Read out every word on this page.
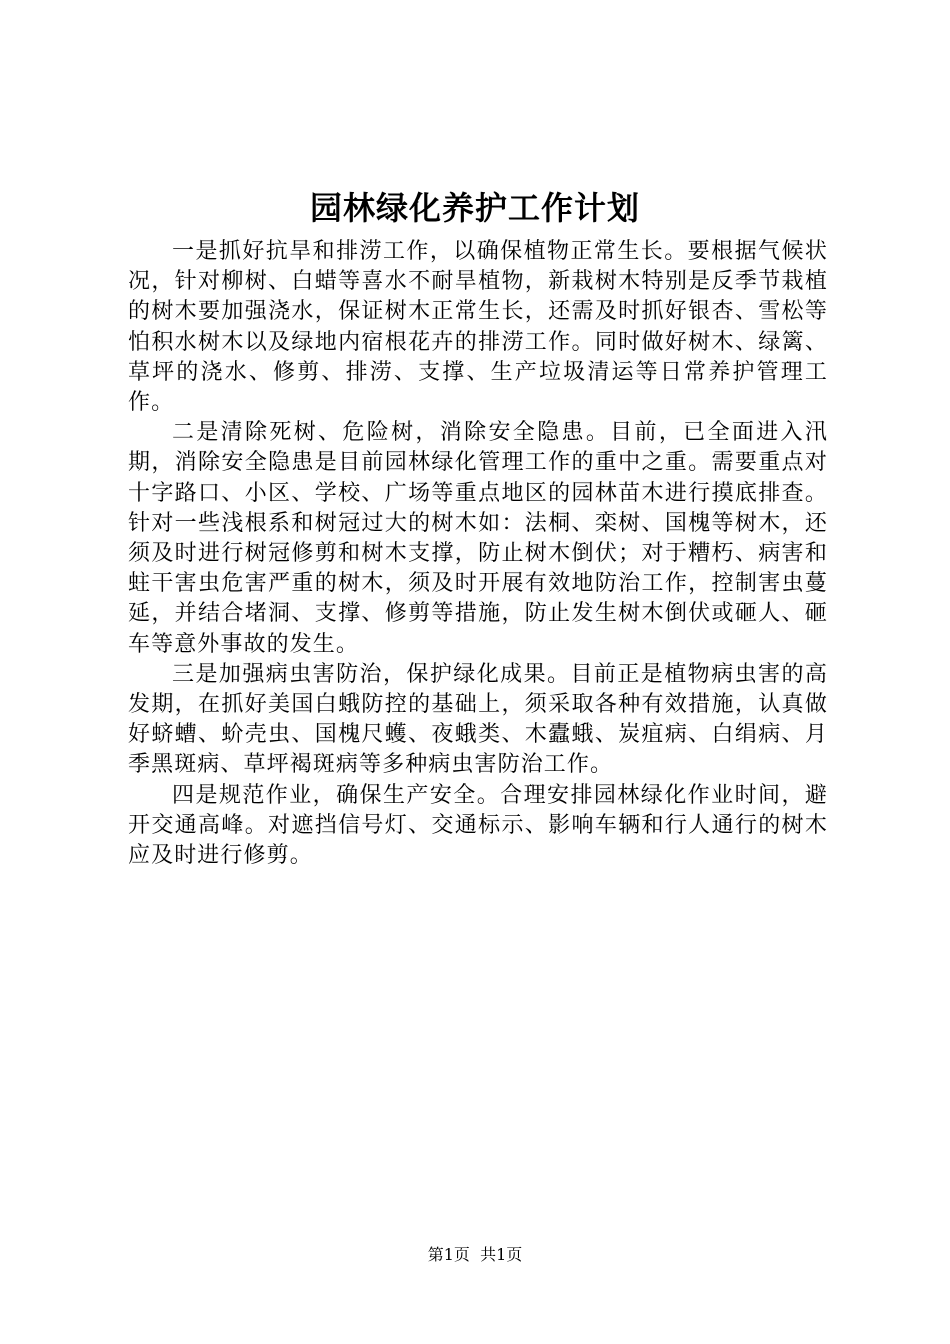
园林绿化养护工作计划

一是抓好抗旱和排涝工作，以确保植物正常生长。要根据气候状况，针对柳树、白蜡等喜水不耐旱植物，新栽树木特别是反季节栽植的树木要加强浇水，保证树木正常生长，还需及时抓好银杏、雪松等怕积水树木以及绿地内宿根花卉的排涝工作。同时做好树木、绿篱、草坪的浇水、修剪、排涝、支撑、生产垃圾清运等日常养护管理工作。

二是清除死树、危险树，消除安全隐患。目前，已全面进入汛期，消除安全隐患是目前园林绿化管理工作的重中之重。需要重点对十字路口、小区、学校、广场等重点地区的园林苗木进行摸底排查。针对一些浅根系和树冠过大的树木如：法桐、栾树、国槐等树木，还须及时进行树冠修剪和树木支撑，防止树木倒伏；对于糟朽、病害和蛀干害虫危害严重的树木，须及时开展有效地防治工作，控制害虫蔓延，并结合堵洞、支撑、修剪等措施，防止发生树木倒伏或砸人、砸车等意外事故的发生。

三是加强病虫害防治，保护绿化成果。目前正是植物病虫害的高发期，在抓好美国白蛾防控的基础上，须采取各种有效措施，认真做好蛴螬、蚧壳虫、国槐尺蠖、夜蛾类、木蠹蛾、炭疽病、白绢病、月季黑斑病、草坪褐斑病等多种病虫害防治工作。

四是规范作业，确保生产安全。合理安排园林绿化作业时间，避开交通高峰。对遮挡信号灯、交通标示、影响车辆和行人通行的树木应及时进行修剪。

第1页  共1页
